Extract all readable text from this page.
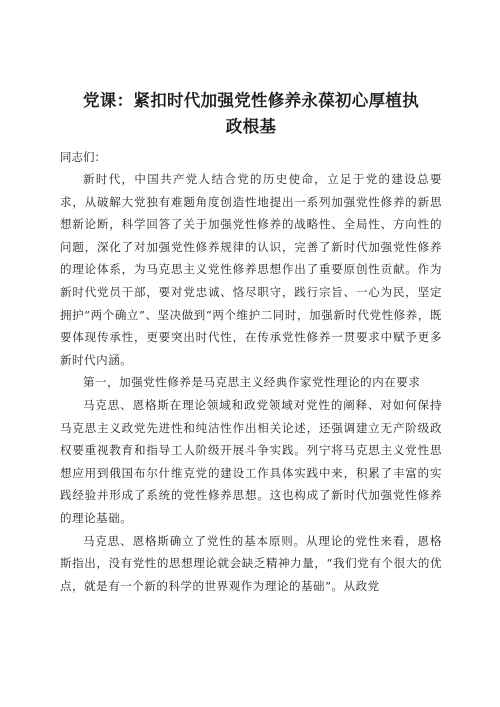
党课：紧扣时代加强党性修养永葆初心厚植执
政根基

同志们：

新时代，中国共产党人结合党的历史使命，立足于党的建设总要求，从破解大党独有难题角度创造性地提出一系列加强党性修养的新思想新论断，科学回答了关于加强党性修养的战略性、全局性、方向性的问题，深化了对加强党性修养规律的认识，完善了新时代加强党性修养的理论体系，为马克思主义党性修养思想作出了重要原创性贡献。作为新时代党员干部，要对党忠诚、恪尽职守，践行宗旨、一心为民，坚定拥护“两个确立”、坚决做到“两个维护二同时，加强新时代党性修养，既要体现传承性，更要突出时代性，在传承党性修养一贯要求中赋予更多新时代内涵。

第一，加强党性修养是马克思主义经典作家党性理论的内在要求

马克思、恩格斯在理论领域和政党领域对党性的阐释、对如何保持马克思主义政党先进性和纯洁性作出相关论述，还强调建立无产阶级政权要重视教育和指导工人阶级开展斗争实践。列宁将马克思主义党性思想应用到俄国布尔什维克党的建设工作具体实践中来，积累了丰富的实践经验并形成了系统的党性修养思想。这也构成了新时代加强党性修养的理论基础。

马克思、恩格斯确立了党性的基本原则。从理论的党性来看，恩格斯指出，没有党性的思想理论就会缺乏精神力量，“我们党有个很大的优点，就是有一个新的科学的世界观作为理论的基础”。从政党
